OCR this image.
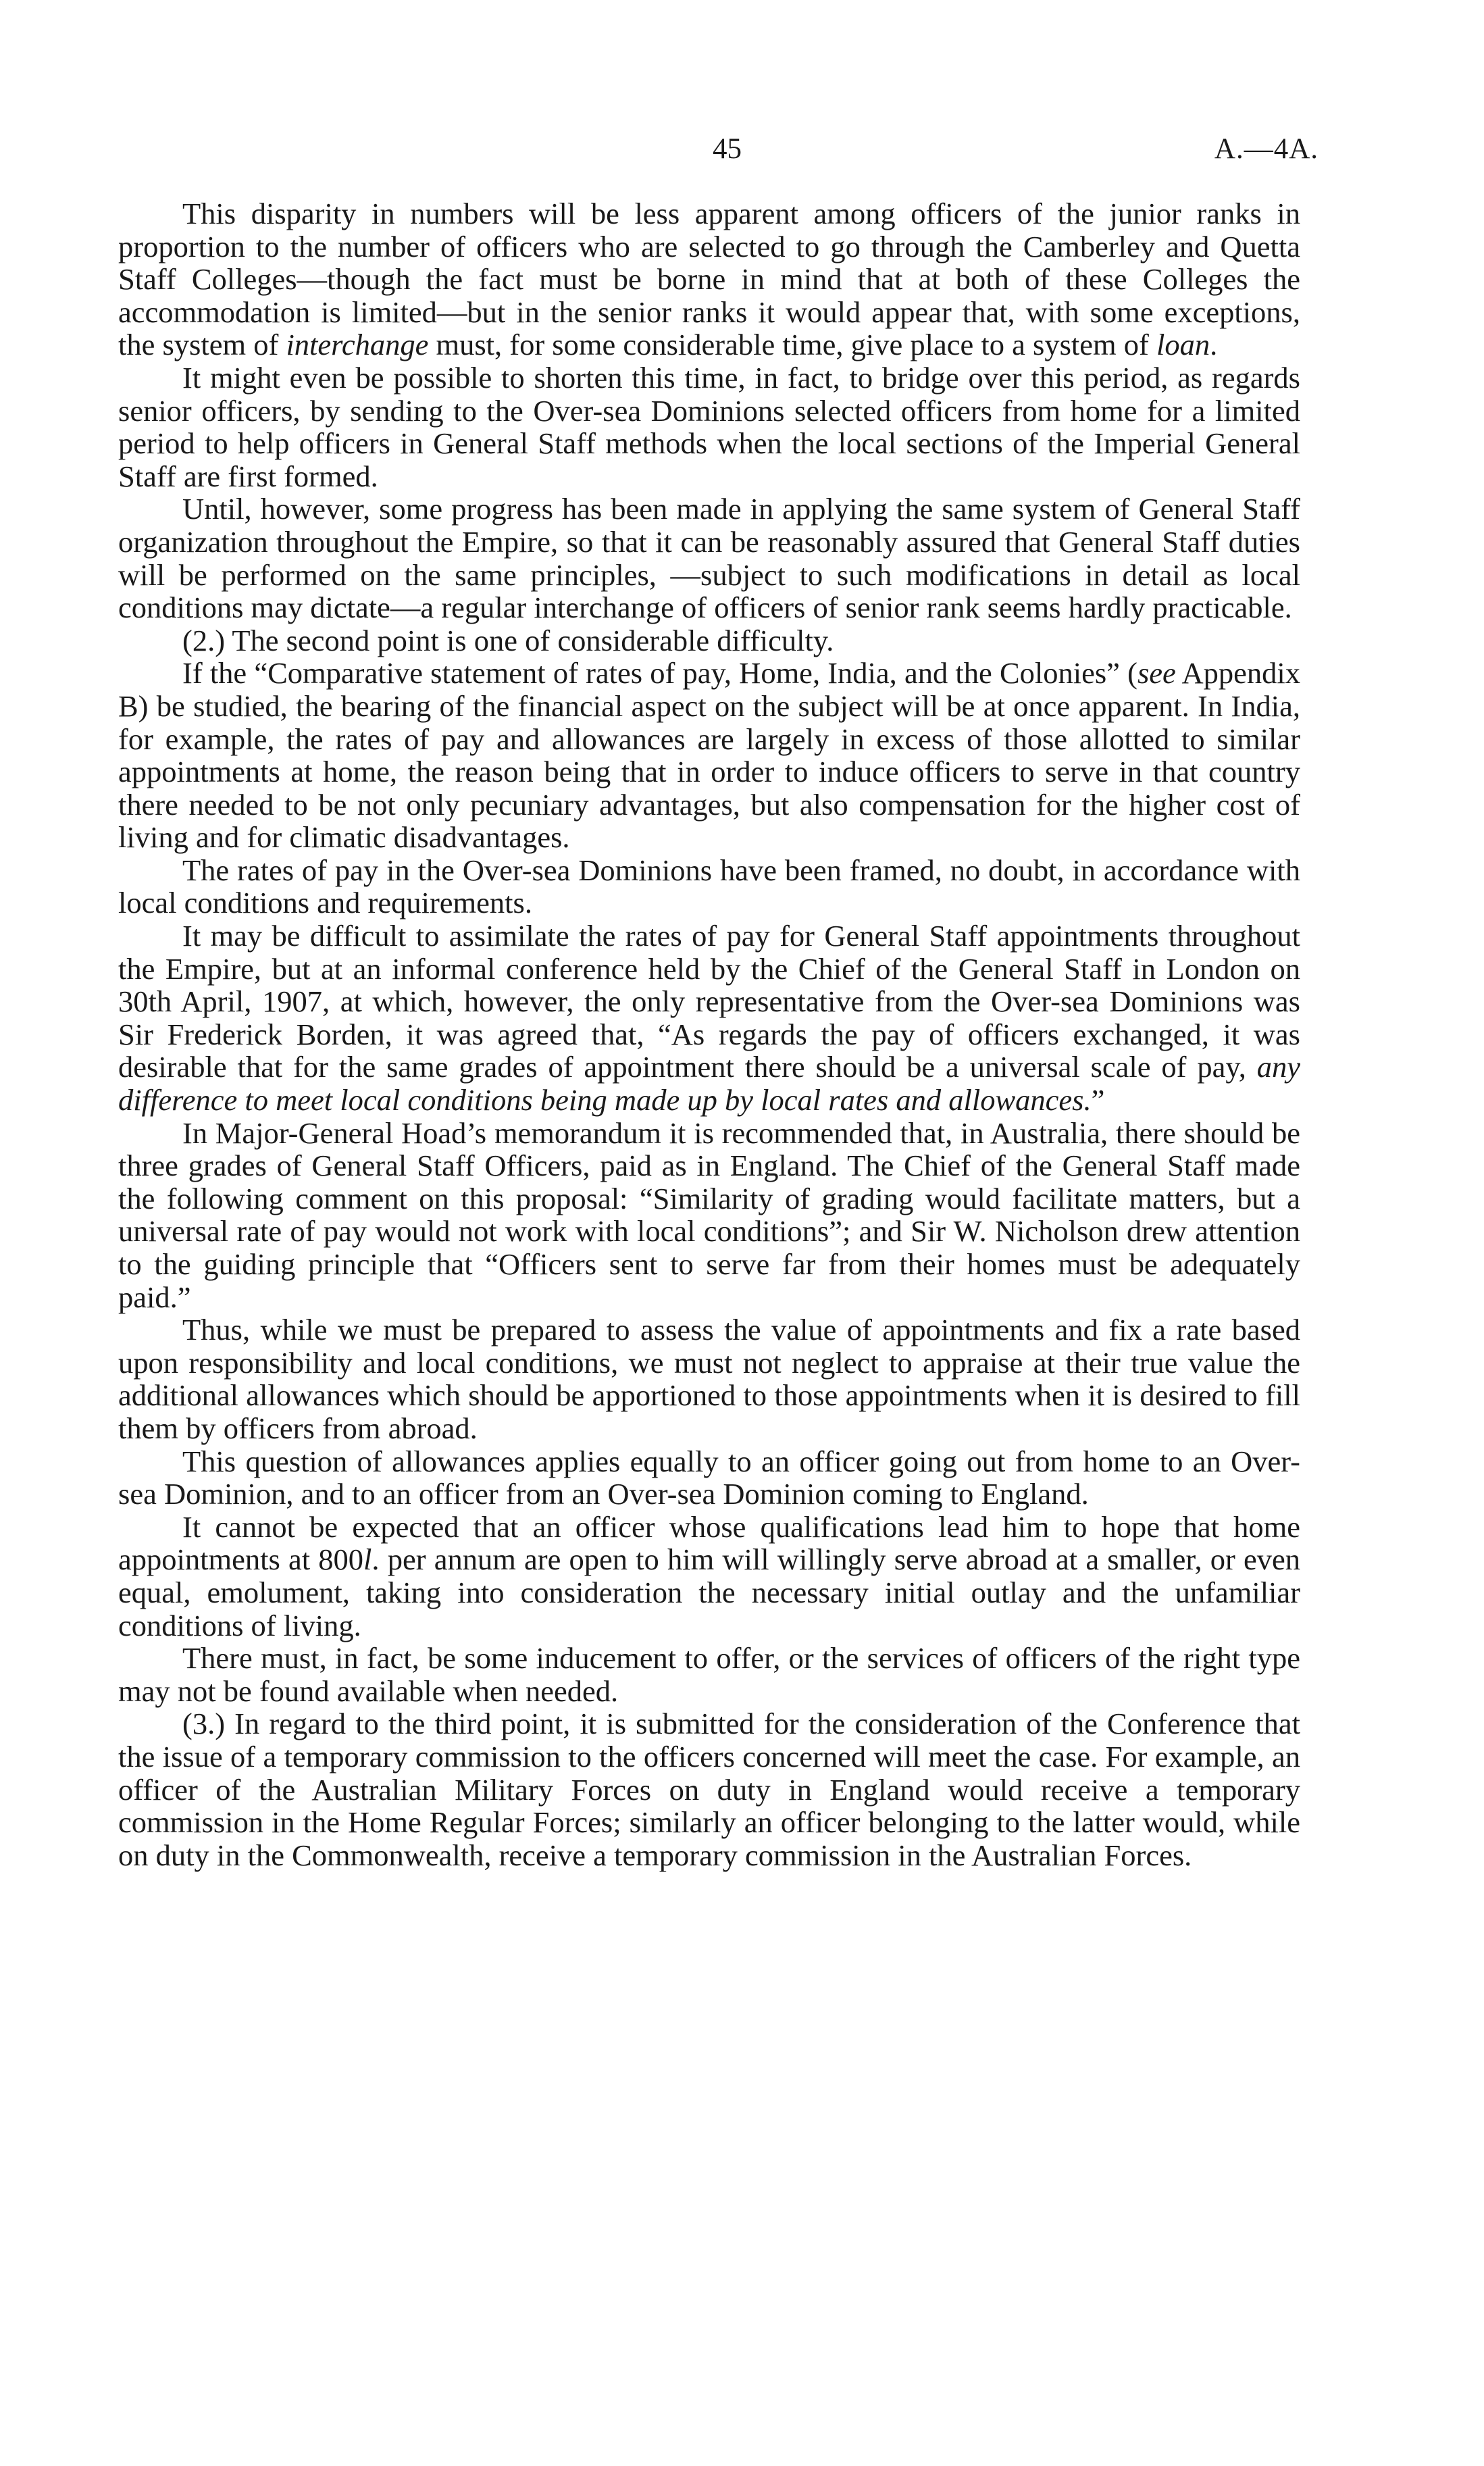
45	A.—4A.

This disparity in numbers will be less apparent among officers of the junior ranks in proportion to the number of officers who are selected to go through the Camberley and Quetta Staff Colleges—though the fact must be borne in mind that at both of these Colleges the accommodation is limited—but in the senior ranks it would appear that, with some exceptions, the system of interchange must, for some considerable time, give place to a system of loan.

It might even be possible to shorten this time, in fact, to bridge over this period, as regards senior officers, by sending to the Over-sea Dominions selected officers from home for a limited period to help officers in General Staff methods when the local sections of the Imperial General Staff are first formed.

Until, however, some progress has been made in applying the same system of General Staff organization throughout the Empire, so that it can be reasonably assured that General Staff duties will be performed on the same principles, —subject to such modifications in detail as local conditions may dictate—a regular interchange of officers of senior rank seems hardly practicable.

(2.) The second point is one of considerable difficulty.

If the “Comparative statement of rates of pay, Home, India, and the Colonies” (see Appendix B) be studied, the bearing of the financial aspect on the subject will be at once apparent. In India, for example, the rates of pay and allowances are largely in excess of those allotted to similar appointments at home, the reason being that in order to induce officers to serve in that country there needed to be not only pecuniary advantages, but also compensation for the higher cost of living and for climatic disadvantages.

The rates of pay in the Over-sea Dominions have been framed, no doubt, in accordance with local conditions and requirements.

It may be difficult to assimilate the rates of pay for General Staff appointments throughout the Empire, but at an informal conference held by the Chief of the General Staff in London on 30th April, 1907, at which, however, the only representative from the Over-sea Dominions was Sir Frederick Borden, it was agreed that, “As regards the pay of officers exchanged, it was desirable that for the same grades of appointment there should be a universal scale of pay, any difference to meet local conditions being made up by local rates and allowances.”

In Major-General Hoad’s memorandum it is recommended that, in Australia, there should be three grades of General Staff Officers, paid as in England. The Chief of the General Staff made the following comment on this proposal: “Similarity of grading would facilitate matters, but a universal rate of pay would not work with local conditions”; and Sir W. Nicholson drew attention to the guiding principle that “Officers sent to serve far from their homes must be adequately paid.”

Thus, while we must be prepared to assess the value of appointments and fix a rate based upon responsibility and local conditions, we must not neglect to appraise at their true value the additional allowances which should be apportioned to those appointments when it is desired to fill them by officers from abroad.

This question of allowances applies equally to an officer going out from home to an Over-sea Dominion, and to an officer from an Over-sea Dominion coming to England.

It cannot be expected that an officer whose qualifications lead him to hope that home appointments at 800l. per annum are open to him will willingly serve abroad at a smaller, or even equal, emolument, taking into consideration the necessary initial outlay and the unfamiliar conditions of living.

There must, in fact, be some inducement to offer, or the services of officers of the right type may not be found available when needed.

(3.) In regard to the third point, it is submitted for the consideration of the Conference that the issue of a temporary commission to the officers concerned will meet the case. For example, an officer of the Australian Military Forces on duty in England would receive a temporary commission in the Home Regular Forces; similarly an officer belonging to the latter would, while on duty in the Commonwealth, receive a temporary commission in the Australian Forces.
